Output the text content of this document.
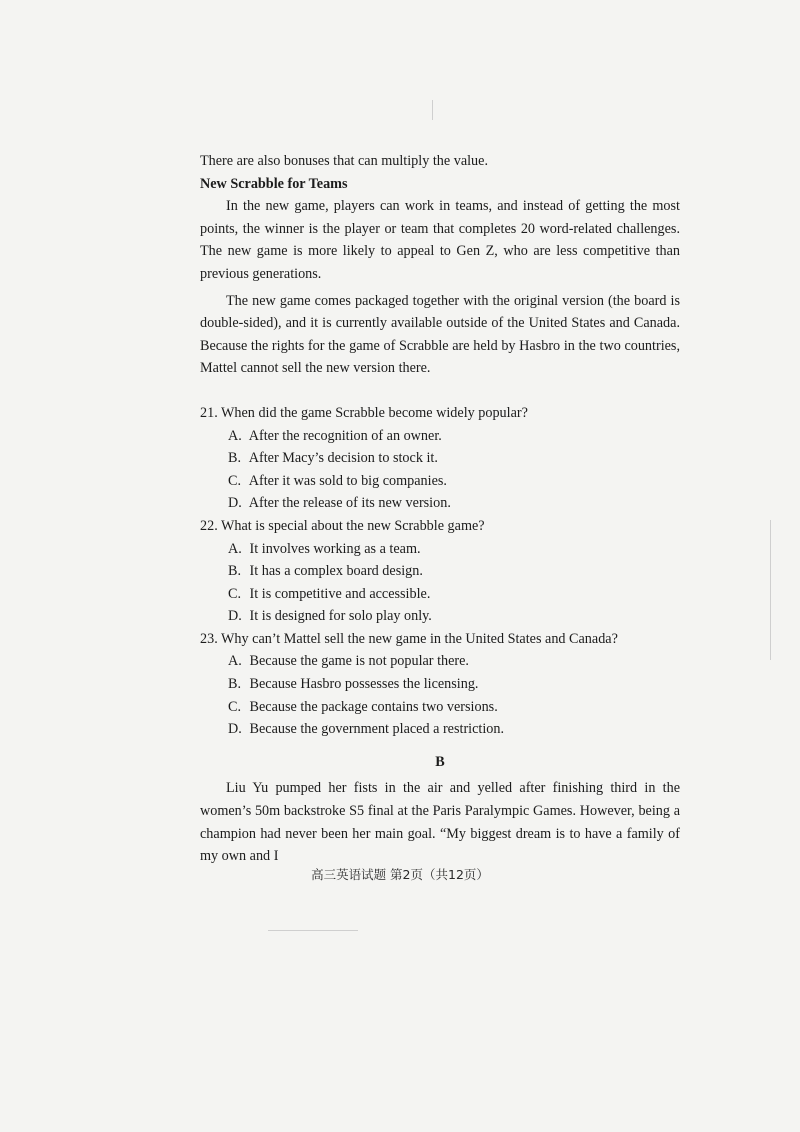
There are also bonuses that can multiply the value.
New Scrabble for Teams

In the new game, players can work in teams, and instead of getting the most points, the winner is the player or team that completes 20 word-related challenges. The new game is more likely to appeal to Gen Z, who are less competitive than previous generations.

The new game comes packaged together with the original version (the board is double-sided), and it is currently available outside of the United States and Canada. Because the rights for the game of Scrabble are held by Hasbro in the two countries, Mattel cannot sell the new version there.

21. When did the game Scrabble become widely popular?
A. After the recognition of an owner.
B. After Macy’s decision to stock it.
C. After it was sold to big companies.
D. After the release of its new version.
22. What is special about the new Scrabble game?
A. It involves working as a team.
B. It has a complex board design.
C. It is competitive and accessible.
D. It is designed for solo play only.
23. Why can’t Mattel sell the new game in the United States and Canada?
A. Because the game is not popular there.
B. Because Hasbro possesses the licensing.
C. Because the package contains two versions.
D. Because the government placed a restriction.
B

Liu Yu pumped her fists in the air and yelled after finishing third in the women’s 50m backstroke S5 final at the Paris Paralympic Games. However, being a champion had never been her main goal. “My biggest dream is to have a family of my own and I

高三英语试题 第2页（共12页）
